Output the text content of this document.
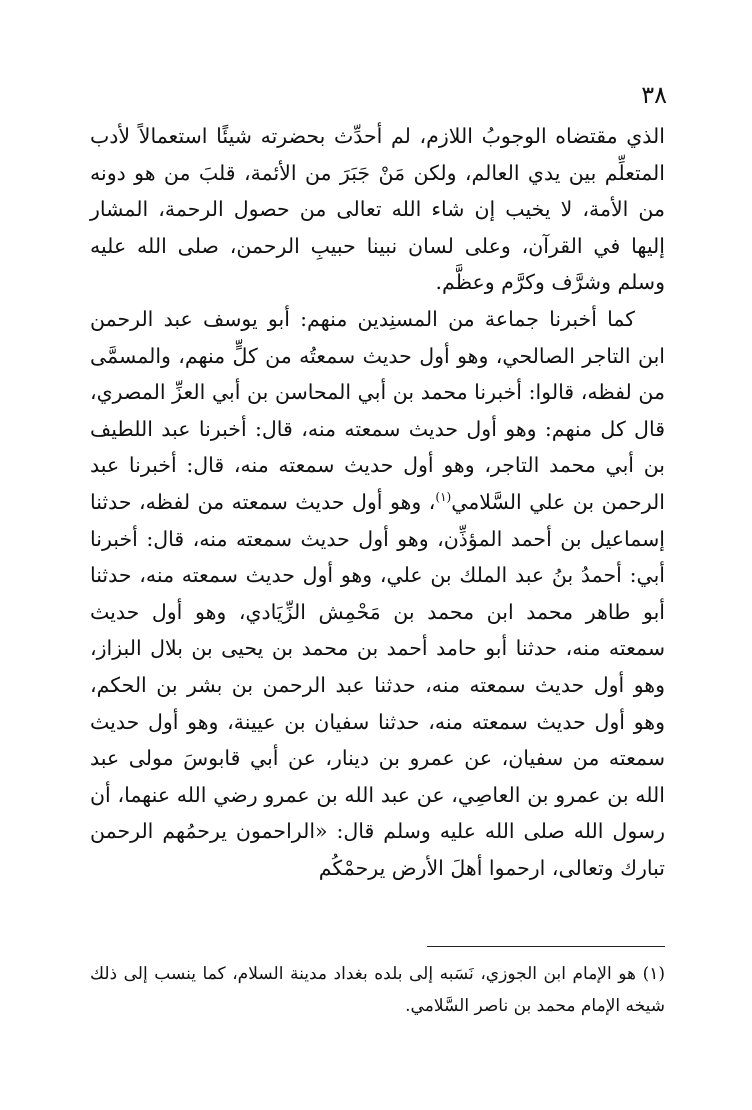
٣٨

الذي مقتضاه الوجوبُ اللازم، لم أحدِّث بحضرته شيئًا استعمالاً لأدب المتعلِّم بين يدي العالم، ولكن مَنْ جَبَرَ من الأئمة، قلبَ من هو دونه من الأمة، لا يخيب إن شاء الله تعالى من حصول الرحمة، المشار إليها في القرآن، وعلى لسان نبينا حبيبِ الرحمن، صلى الله عليه وسلم وشرَّف وكرَّم وعظَّم.

كما أخبرنا جماعة من المسنِدين منهم: أبو يوسف عبد الرحمن ابن التاجر الصالحي، وهو أول حديث سمعتُه من كلٍّ منهم، والمسمَّى من لفظه، قالوا: أخبرنا محمد بن أبي المحاسن بن أبي العزِّ المصري، قال كل منهم: وهو أول حديث سمعته منه، قال: أخبرنا عبد اللطيف بن أبي محمد التاجر، وهو أول حديث سمعته منه، قال: أخبرنا عبد الرحمن بن علي السَّلامي$^{(١)}$، وهو أول حديث سمعته من لفظه، حدثنا إسماعيل بن أحمد المؤذِّن، وهو أول حديث سمعته منه، قال: أخبرنا أبي: أحمدُ بنُ عبد الملك بن علي، وهو أول حديث سمعته منه، حدثنا أبو طاهر محمد ابن محمد بن مَحْمِش الزِّيَادي، وهو أول حديث سمعته منه، حدثنا أبو حامد أحمد بن محمد بن يحيى بن بلال البزاز، وهو أول حديث سمعته منه، حدثنا عبد الرحمن بن بشر بن الحكم، وهو أول حديث سمعته منه، حدثنا سفيان بن عيينة، وهو أول حديث سمعته من سفيان، عن عمرو بن دينار، عن أبي قابوسَ مولى عبد الله بن عمرو بن العاصِي، عن عبد الله بن عمرو رضي الله عنهما، أن رسول الله صلى الله عليه وسلم قال: «الراحمون يرحمُهم الرحمن تبارك وتعالى، ارحموا أهلَ الأرض يرحمْكُم

(١) هو الإمام ابن الجوزي، نَسَبه إلى بلده بغداد مدينة السلام، كما ينسب إلى ذلك شيخه الإمام محمد بن ناصر السَّلامي.
